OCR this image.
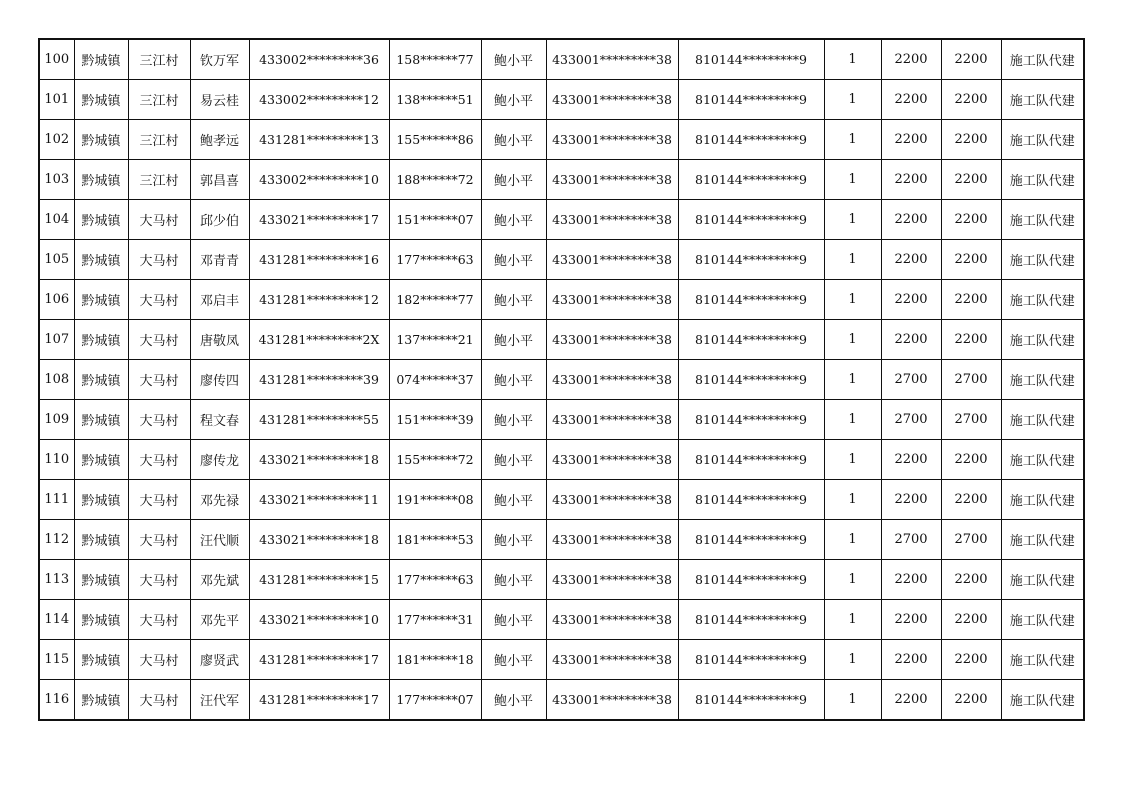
100	黔城镇	三江村	钦万军	433002*********36	158******77	鲍小平	433001*********38	810144*********9	1	2200	2200	施工队代建
101	黔城镇	三江村	易云桂	433002*********12	138******51	鲍小平	433001*********38	810144*********9	1	2200	2200	施工队代建
102	黔城镇	三江村	鲍孝远	431281*********13	155******86	鲍小平	433001*********38	810144*********9	1	2200	2200	施工队代建
103	黔城镇	三江村	郭昌喜	433002*********10	188******72	鲍小平	433001*********38	810144*********9	1	2200	2200	施工队代建
104	黔城镇	大马村	邱少伯	433021*********17	151******07	鲍小平	433001*********38	810144*********9	1	2200	2200	施工队代建
105	黔城镇	大马村	邓青青	431281*********16	177******63	鲍小平	433001*********38	810144*********9	1	2200	2200	施工队代建
106	黔城镇	大马村	邓启丰	431281*********12	182******77	鲍小平	433001*********38	810144*********9	1	2200	2200	施工队代建
107	黔城镇	大马村	唐敬凤	431281*********2X	137******21	鲍小平	433001*********38	810144*********9	1	2200	2200	施工队代建
108	黔城镇	大马村	廖传四	431281*********39	074******37	鲍小平	433001*********38	810144*********9	1	2700	2700	施工队代建
109	黔城镇	大马村	程文春	431281*********55	151******39	鲍小平	433001*********38	810144*********9	1	2700	2700	施工队代建
110	黔城镇	大马村	廖传龙	433021*********18	155******72	鲍小平	433001*********38	810144*********9	1	2200	2200	施工队代建
111	黔城镇	大马村	邓先禄	433021*********11	191******08	鲍小平	433001*********38	810144*********9	1	2200	2200	施工队代建
112	黔城镇	大马村	汪代顺	433021*********18	181******53	鲍小平	433001*********38	810144*********9	1	2700	2700	施工队代建
113	黔城镇	大马村	邓先斌	431281*********15	177******63	鲍小平	433001*********38	810144*********9	1	2200	2200	施工队代建
114	黔城镇	大马村	邓先平	433021*********10	177******31	鲍小平	433001*********38	810144*********9	1	2200	2200	施工队代建
115	黔城镇	大马村	廖贤武	431281*********17	181******18	鲍小平	433001*********38	810144*********9	1	2200	2200	施工队代建
116	黔城镇	大马村	汪代军	431281*********17	177******07	鲍小平	433001*********38	810144*********9	1	2200	2200	施工队代建
